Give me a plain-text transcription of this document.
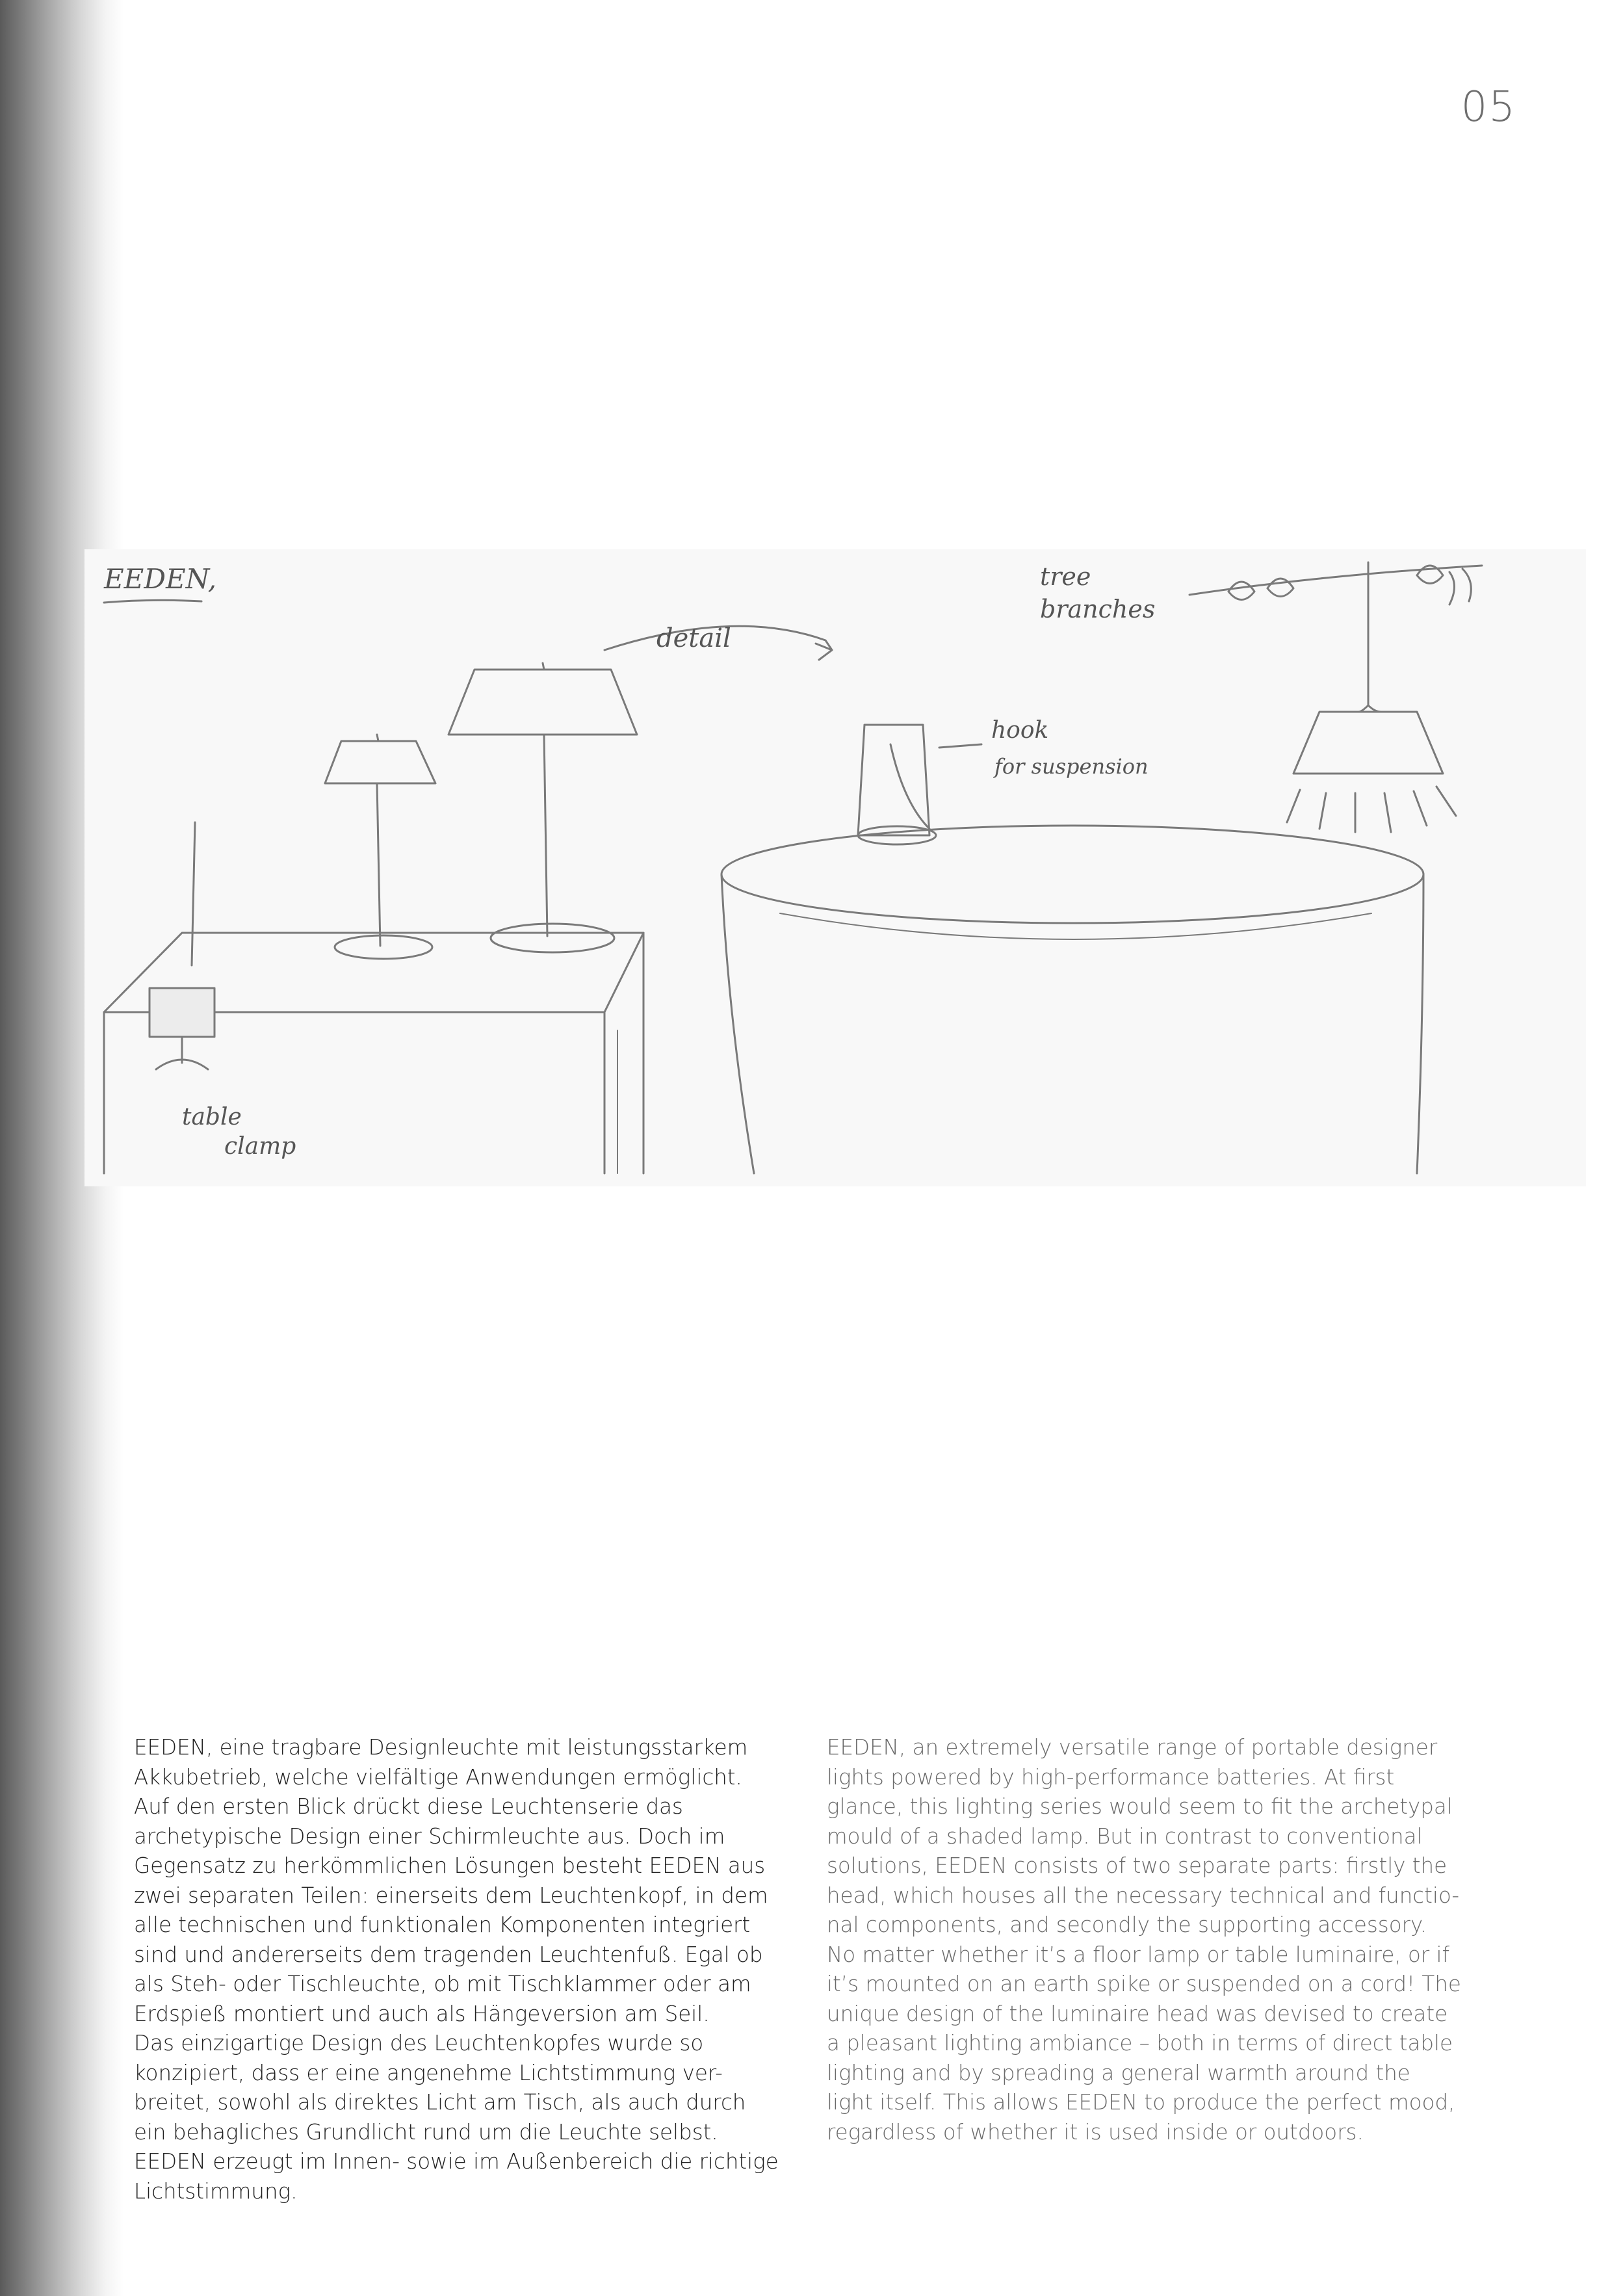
05
EEDEN,
detail
hook
for suspension
tree
branches
table
clamp

EEDEN, eine tragbare Designleuchte mit leistungsstarkem
Akkubetrieb, welche vielfältige Anwendungen ermöglicht.
Auf den ersten Blick drückt diese Leuchtenserie das
archetypische Design einer Schirmleuchte aus. Doch im
Gegensatz zu herkömmlichen Lösungen besteht EEDEN aus
zwei separaten Teilen: einerseits dem Leuchtenkopf, in dem
alle technischen und funktionalen Komponenten integriert
sind und andererseits dem tragenden Leuchtenfuß. Egal ob
als Steh- oder Tischleuchte, ob mit Tischklammer oder am
Erdspieß montiert und auch als Hängeversion am Seil.
Das einzigartige Design des Leuchtenkopfes wurde so
konzipiert, dass er eine angenehme Lichtstimmung ver-
breitet, sowohl als direktes Licht am Tisch, als auch durch
ein behagliches Grundlicht rund um die Leuchte selbst.
EEDEN erzeugt im Innen- sowie im Außenbereich die richtige
Lichtstimmung.

EEDEN, an extremely versatile range of portable designer
lights powered by high-performance batteries. At first
glance, this lighting series would seem to fit the archetypal
mould of a shaded lamp. But in contrast to conventional
solutions, EEDEN consists of two separate parts: firstly the
head, which houses all the necessary technical and functio-
nal components, and secondly the supporting accessory.
No matter whether it’s a floor lamp or table luminaire, or if
it’s mounted on an earth spike or suspended on a cord! The
unique design of the luminaire head was devised to create
a pleasant lighting ambiance – both in terms of direct table
lighting and by spreading a general warmth around the
light itself. This allows EEDEN to produce the perfect mood,
regardless of whether it is used inside or outdoors.
